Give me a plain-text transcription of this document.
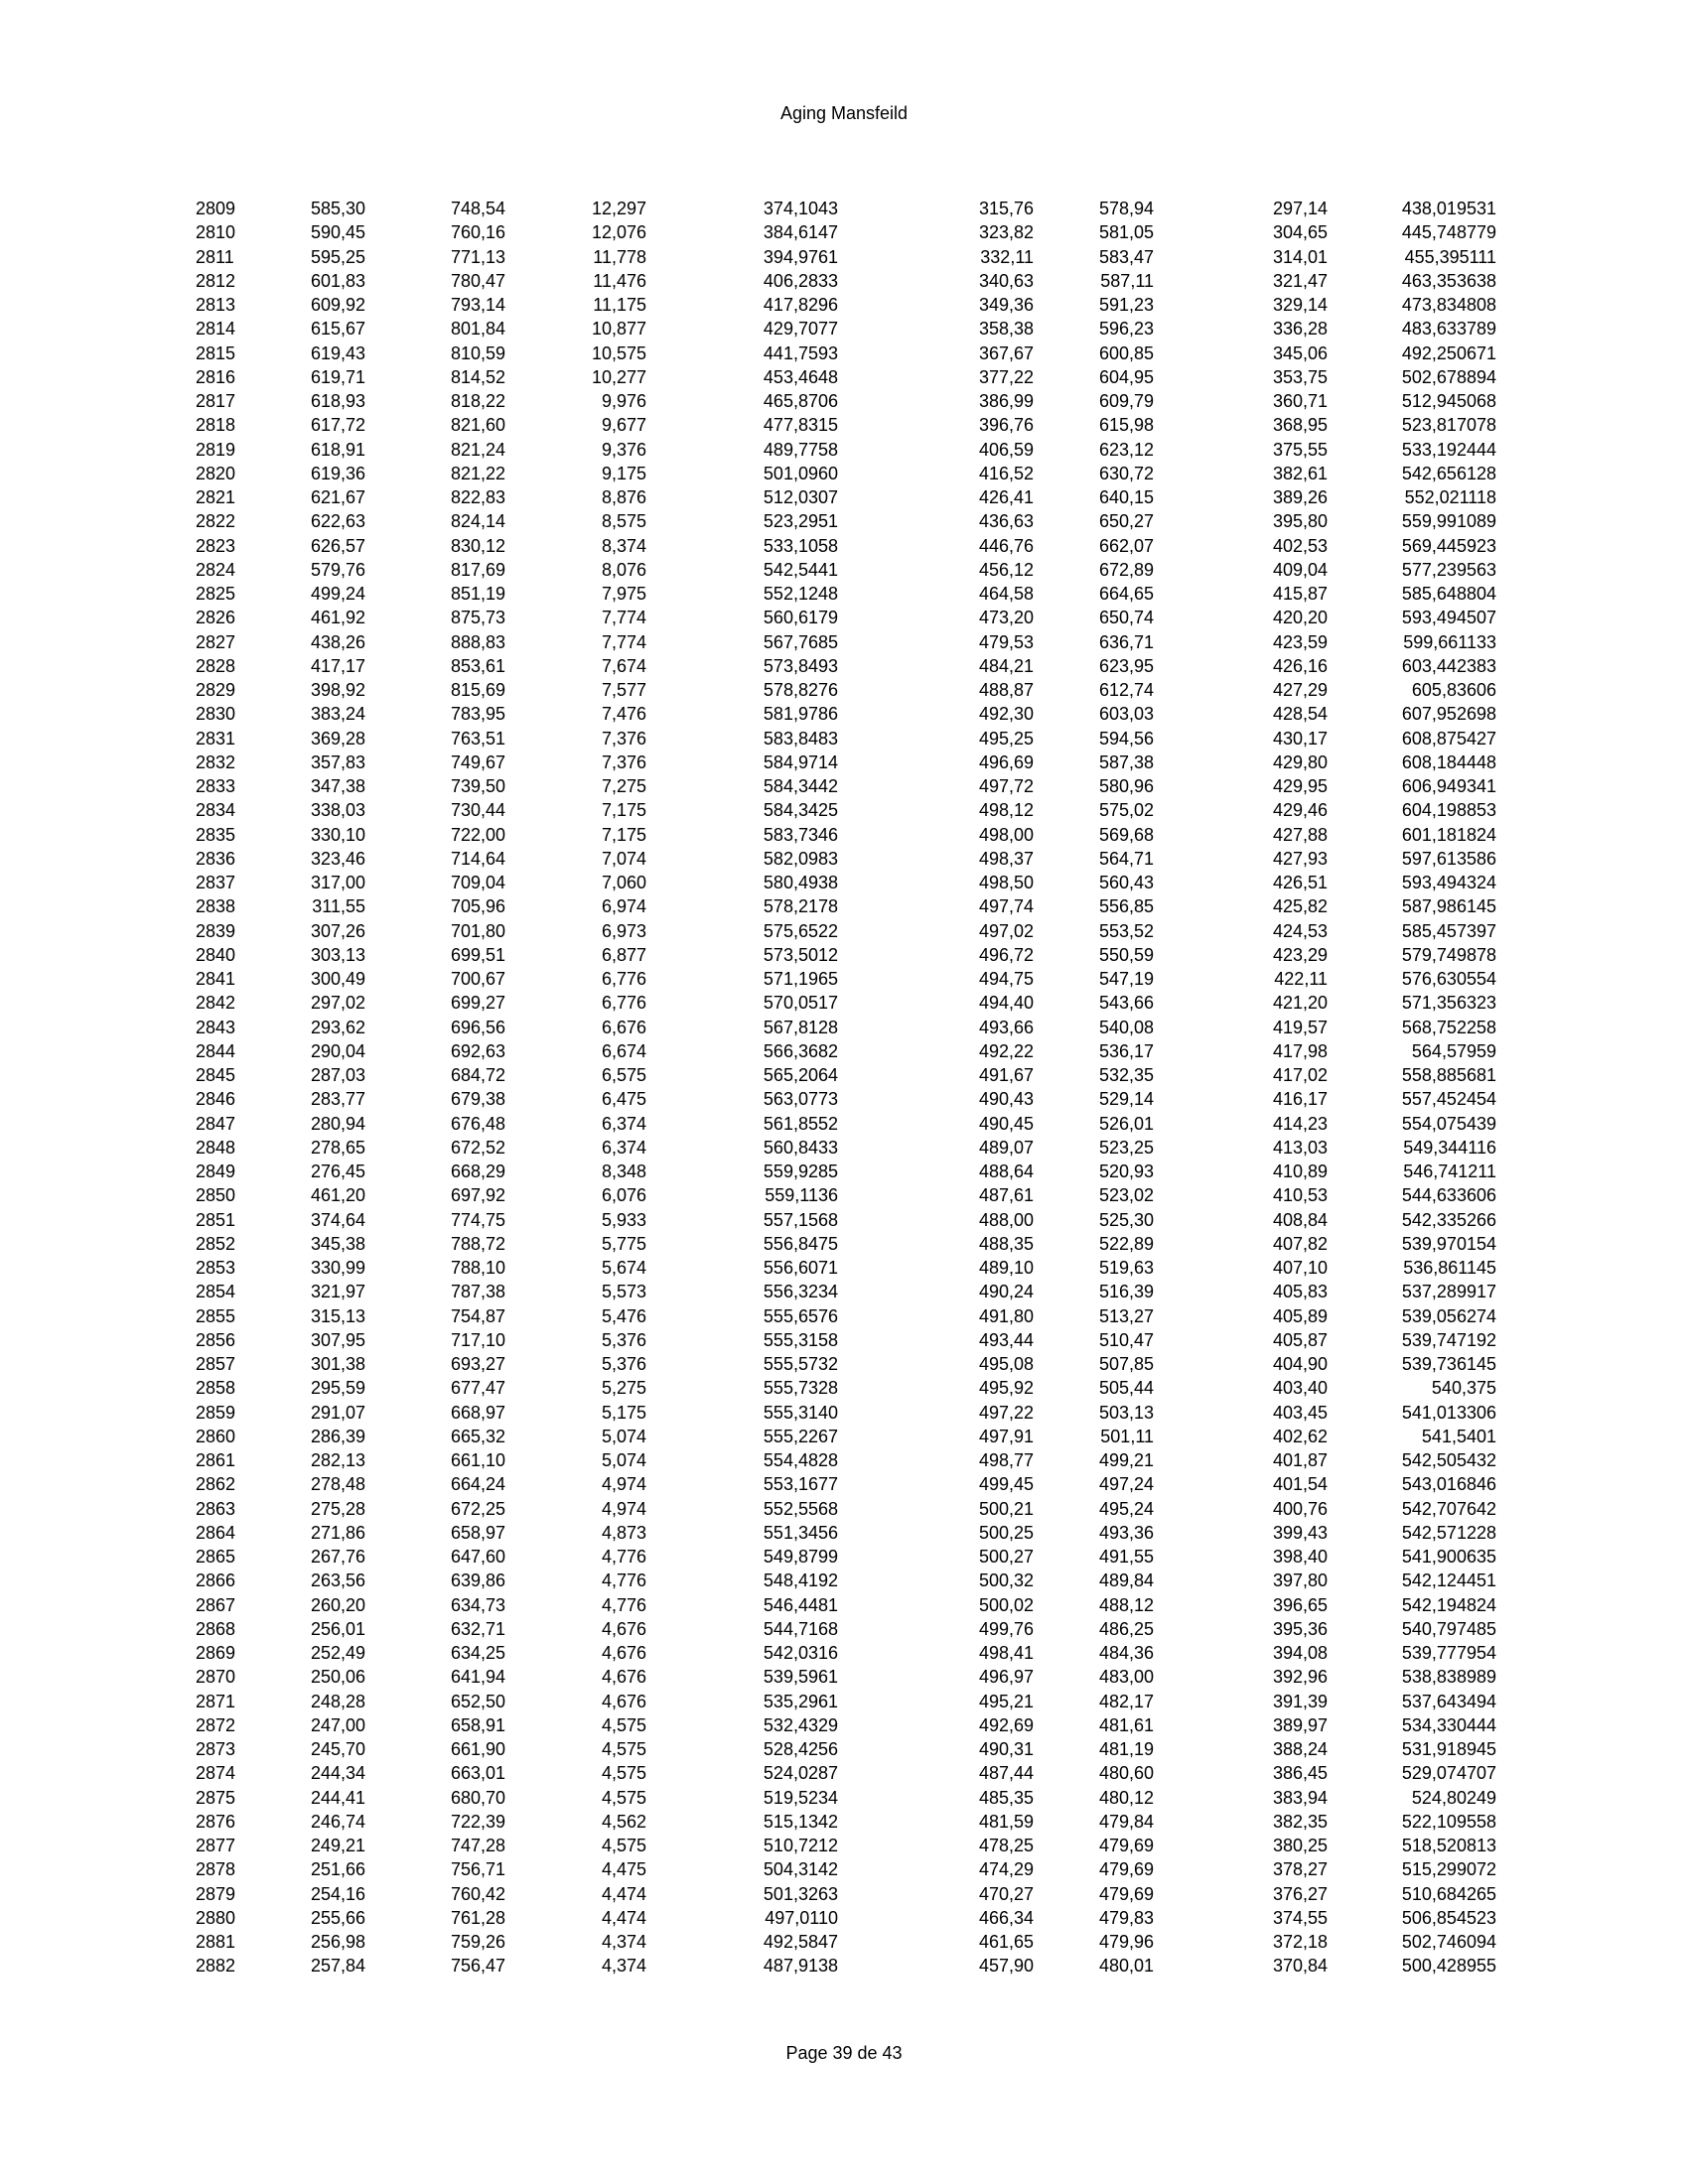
Aging Mansfeild
2809	585,30	748,54	12,297	374,1043	315,76	578,94	297,14	438,019531
2810	590,45	760,16	12,076	384,6147	323,82	581,05	304,65	445,748779
2811	595,25	771,13	11,778	394,9761	332,11	583,47	314,01	455,395111
2812	601,83	780,47	11,476	406,2833	340,63	587,11	321,47	463,353638
2813	609,92	793,14	11,175	417,8296	349,36	591,23	329,14	473,834808
2814	615,67	801,84	10,877	429,7077	358,38	596,23	336,28	483,633789
2815	619,43	810,59	10,575	441,7593	367,67	600,85	345,06	492,250671
2816	619,71	814,52	10,277	453,4648	377,22	604,95	353,75	502,678894
2817	618,93	818,22	9,976	465,8706	386,99	609,79	360,71	512,945068
2818	617,72	821,60	9,677	477,8315	396,76	615,98	368,95	523,817078
2819	618,91	821,24	9,376	489,7758	406,59	623,12	375,55	533,192444
2820	619,36	821,22	9,175	501,0960	416,52	630,72	382,61	542,656128
2821	621,67	822,83	8,876	512,0307	426,41	640,15	389,26	552,021118
2822	622,63	824,14	8,575	523,2951	436,63	650,27	395,80	559,991089
2823	626,57	830,12	8,374	533,1058	446,76	662,07	402,53	569,445923
2824	579,76	817,69	8,076	542,5441	456,12	672,89	409,04	577,239563
2825	499,24	851,19	7,975	552,1248	464,58	664,65	415,87	585,648804
2826	461,92	875,73	7,774	560,6179	473,20	650,74	420,20	593,494507
2827	438,26	888,83	7,774	567,7685	479,53	636,71	423,59	599,661133
2828	417,17	853,61	7,674	573,8493	484,21	623,95	426,16	603,442383
2829	398,92	815,69	7,577	578,8276	488,87	612,74	427,29	605,83606
2830	383,24	783,95	7,476	581,9786	492,30	603,03	428,54	607,952698
2831	369,28	763,51	7,376	583,8483	495,25	594,56	430,17	608,875427
2832	357,83	749,67	7,376	584,9714	496,69	587,38	429,80	608,184448
2833	347,38	739,50	7,275	584,3442	497,72	580,96	429,95	606,949341
2834	338,03	730,44	7,175	584,3425	498,12	575,02	429,46	604,198853
2835	330,10	722,00	7,175	583,7346	498,00	569,68	427,88	601,181824
2836	323,46	714,64	7,074	582,0983	498,37	564,71	427,93	597,613586
2837	317,00	709,04	7,060	580,4938	498,50	560,43	426,51	593,494324
2838	311,55	705,96	6,974	578,2178	497,74	556,85	425,82	587,986145
2839	307,26	701,80	6,973	575,6522	497,02	553,52	424,53	585,457397
2840	303,13	699,51	6,877	573,5012	496,72	550,59	423,29	579,749878
2841	300,49	700,67	6,776	571,1965	494,75	547,19	422,11	576,630554
2842	297,02	699,27	6,776	570,0517	494,40	543,66	421,20	571,356323
2843	293,62	696,56	6,676	567,8128	493,66	540,08	419,57	568,752258
2844	290,04	692,63	6,674	566,3682	492,22	536,17	417,98	564,57959
2845	287,03	684,72	6,575	565,2064	491,67	532,35	417,02	558,885681
2846	283,77	679,38	6,475	563,0773	490,43	529,14	416,17	557,452454
2847	280,94	676,48	6,374	561,8552	490,45	526,01	414,23	554,075439
2848	278,65	672,52	6,374	560,8433	489,07	523,25	413,03	549,344116
2849	276,45	668,29	8,348	559,9285	488,64	520,93	410,89	546,741211
2850	461,20	697,92	6,076	559,1136	487,61	523,02	410,53	544,633606
2851	374,64	774,75	5,933	557,1568	488,00	525,30	408,84	542,335266
2852	345,38	788,72	5,775	556,8475	488,35	522,89	407,82	539,970154
2853	330,99	788,10	5,674	556,6071	489,10	519,63	407,10	536,861145
2854	321,97	787,38	5,573	556,3234	490,24	516,39	405,83	537,289917
2855	315,13	754,87	5,476	555,6576	491,80	513,27	405,89	539,056274
2856	307,95	717,10	5,376	555,3158	493,44	510,47	405,87	539,747192
2857	301,38	693,27	5,376	555,5732	495,08	507,85	404,90	539,736145
2858	295,59	677,47	5,275	555,7328	495,92	505,44	403,40	540,375
2859	291,07	668,97	5,175	555,3140	497,22	503,13	403,45	541,013306
2860	286,39	665,32	5,074	555,2267	497,91	501,11	402,62	541,5401
2861	282,13	661,10	5,074	554,4828	498,77	499,21	401,87	542,505432
2862	278,48	664,24	4,974	553,1677	499,45	497,24	401,54	543,016846
2863	275,28	672,25	4,974	552,5568	500,21	495,24	400,76	542,707642
2864	271,86	658,97	4,873	551,3456	500,25	493,36	399,43	542,571228
2865	267,76	647,60	4,776	549,8799	500,27	491,55	398,40	541,900635
2866	263,56	639,86	4,776	548,4192	500,32	489,84	397,80	542,124451
2867	260,20	634,73	4,776	546,4481	500,02	488,12	396,65	542,194824
2868	256,01	632,71	4,676	544,7168	499,76	486,25	395,36	540,797485
2869	252,49	634,25	4,676	542,0316	498,41	484,36	394,08	539,777954
2870	250,06	641,94	4,676	539,5961	496,97	483,00	392,96	538,838989
2871	248,28	652,50	4,676	535,2961	495,21	482,17	391,39	537,643494
2872	247,00	658,91	4,575	532,4329	492,69	481,61	389,97	534,330444
2873	245,70	661,90	4,575	528,4256	490,31	481,19	388,24	531,918945
2874	244,34	663,01	4,575	524,0287	487,44	480,60	386,45	529,074707
2875	244,41	680,70	4,575	519,5234	485,35	480,12	383,94	524,80249
2876	246,74	722,39	4,562	515,1342	481,59	479,84	382,35	522,109558
2877	249,21	747,28	4,575	510,7212	478,25	479,69	380,25	518,520813
2878	251,66	756,71	4,475	504,3142	474,29	479,69	378,27	515,299072
2879	254,16	760,42	4,474	501,3263	470,27	479,69	376,27	510,684265
2880	255,66	761,28	4,474	497,0110	466,34	479,83	374,55	506,854523
2881	256,98	759,26	4,374	492,5847	461,65	479,96	372,18	502,746094
2882	257,84	756,47	4,374	487,9138	457,90	480,01	370,84	500,428955
Page 39 de 43
